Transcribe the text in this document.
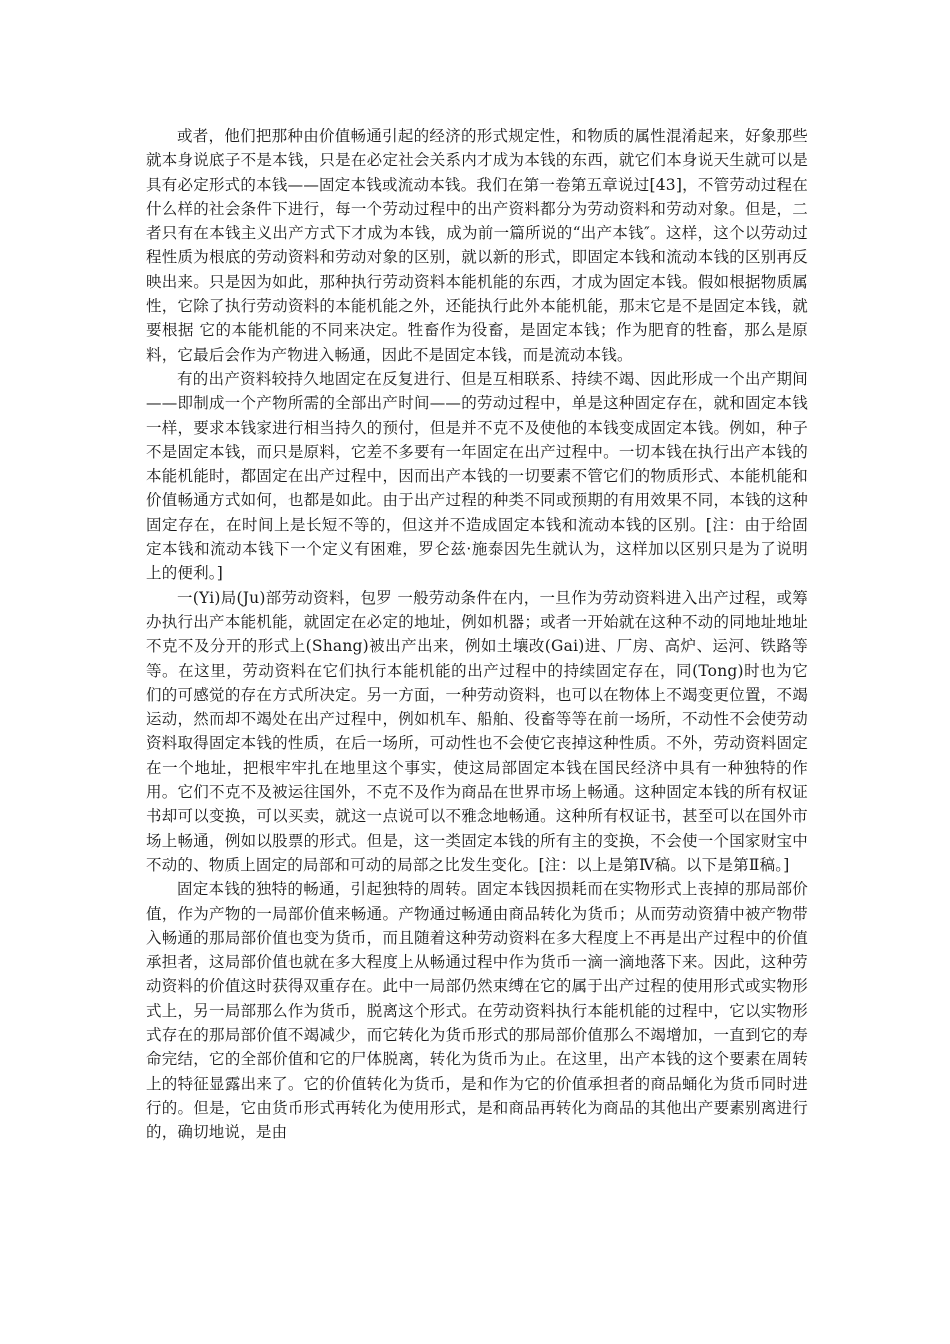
或者，他们把那种由价值畅通引起的经济的形式规定性，和物质的属性混淆起来，好象那些就本身说底子不是本钱，只是在必定社会关系内才成为本钱的东西，就它们本身说天生就可以是具有必定形式的本钱——固定本钱或流动本钱。我们在第一卷第五章说过[43]，不管劳动过程在什么样的社会条件下进行，每一个劳动过程中的出产资料都分为劳动资料和劳动对象。但是，二者只有在本钱主义出产方式下才成为本钱，成为前一篇所说的“出产本钱″。这样，这个以劳动过程性质为根底的劳动资料和劳动对象的区别，就以新的形式，即固定本钱和流动本钱的区别再反映出来。只是因为如此，那种执行劳动资料本能机能的东西，才成为固定本钱。假如根据物质属性，它除了执行劳动资料的本能机能之外，还能执行此外本能机能，那末它是不是固定本钱，就要根据 它的本能机能的不同来决定。牲畜作为役畜，是固定本钱；作为肥育的牲畜，那么是原料，它最后会作为产物进入畅通，因此不是固定本钱，而是流动本钱。

有的出产资料较持久地固定在反复进行、但是互相联系、持续不竭、因此形成一个出产期间——即制成一个产物所需的全部出产时间——的劳动过程中，单是这种固定存在，就和固定本钱一样，要求本钱家进行相当持久的预付，但是并不克不及使他的本钱变成固定本钱。例如，种子不是固定本钱，而只是原料，它差不多要有一年固定在出产过程中。一切本钱在执行出产本钱的本能机能时，都固定在出产过程中，因而出产本钱的一切要素不管它们的物质形式、本能机能和价值畅通方式如何，也都是如此。由于出产过程的种类不同或预期的有用效果不同，本钱的这种固定存在，在时间上是长短不等的，但这并不造成固定本钱和流动本钱的区别。[注：由于给固定本钱和流动本钱下一个定义有困难，罗仑兹·施泰因先生就认为，这样加以区别只是为了说明上的便利。]

一(Yi)局(Ju)部劳动资料，包罗 一般劳动条件在内，一旦作为劳动资料进入出产过程，或筹办执行出产本能机能，就固定在必定的地址，例如机器；或者一开始就在这种不动的同地址地址不克不及分开的形式上(Shang)被出产出来，例如土壤改(Gai)进、厂房、高炉、运河、铁路等等。在这里，劳动资料在它们执行本能机能的出产过程中的持续固定存在，同(Tong)时也为它们的可感觉的存在方式所决定。另一方面，一种劳动资料，也可以在物体上不竭变更位置，不竭运动，然而却不竭处在出产过程中，例如机车、船舶、役畜等等在前一场所，不动性不会使劳动资料取得固定本钱的性质，在后一场所，可动性也不会使它丧掉这种性质。不外，劳动资料固定在一个地址，把根牢牢扎在地里这个事实，使这局部固定本钱在国民经济中具有一种独特的作用。它们不克不及被运往国外，不克不及作为商品在世界市场上畅通。这种固定本钱的所有权证书却可以变换，可以买卖，就这一点说可以不雅念地畅通。这种所有权证书，甚至可以在国外市场上畅通，例如以股票的形式。但是，这一类固定本钱的所有主的变换，不会使一个国家财宝中不动的、物质上固定的局部和可动的局部之比发生变化。[注：以上是第Ⅳ稿。以下是第Ⅱ稿。]

固定本钱的独特的畅通，引起独特的周转。固定本钱因损耗而在实物形式上丧掉的那局部价值，作为产物的一局部价值来畅通。产物通过畅通由商品转化为货币；从而劳动资猜中被产物带入畅通的那局部价值也变为货币，而且随着这种劳动资料在多大程度上不再是出产过程中的价值承担者，这局部价值也就在多大程度上从畅通过程中作为货币一滴一滴地落下来。因此，这种劳动资料的价值这时获得双重存在。此中一局部仍然束缚在它的属于出产过程的使用形式或实物形式上，另一局部那么作为货币，脱离这个形式。在劳动资料执行本能机能的过程中，它以实物形式存在的那局部价值不竭减少，而它转化为货币形式的那局部价值那么不竭增加，一直到它的寿命完结，它的全部价值和它的尸体脱离，转化为货币为止。在这里，出产本钱的这个要素在周转上的特征显露出来了。它的价值转化为货币，是和作为它的价值承担者的商品蛹化为货币同时进行的。但是，它由货币形式再转化为使用形式，是和商品再转化为商品的其他出产要素别离进行的，确切地说，是由
